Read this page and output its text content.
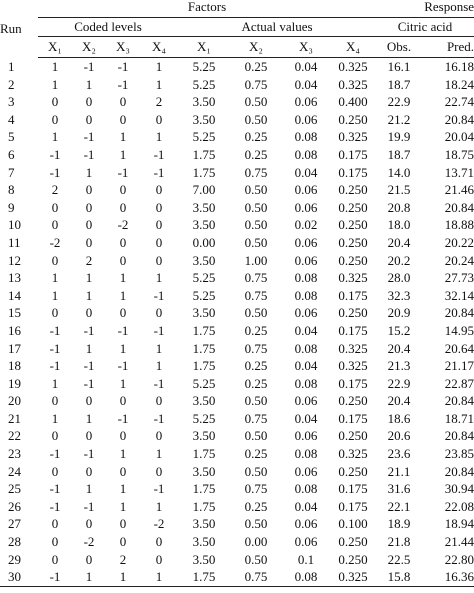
Run	Factors								Response	
	Coded levels				Actual values				Citric acid	
	X₁	X₂	X₃	X₄	X₁	X₂	X₃	X₄	Obs.	Pred.
1	1	-1	-1	1	5.25	0.25	0.04	0.325	16.1	16.18
2	1	1	-1	1	5.25	0.75	0.04	0.325	18.7	18.24
3	0	0	0	2	3.50	0.50	0.06	0.400	22.9	22.74
4	0	0	0	0	3.50	0.50	0.06	0.250	21.2	20.84
5	1	-1	1	1	5.25	0.25	0.08	0.325	19.9	20.04
6	-1	-1	1	-1	1.75	0.25	0.08	0.175	18.7	18.75
7	-1	1	-1	-1	1.75	0.75	0.04	0.175	14.0	13.71
8	2	0	0	0	7.00	0.50	0.06	0.250	21.5	21.46
9	0	0	0	0	3.50	0.50	0.06	0.250	20.8	20.84
10	0	0	-2	0	3.50	0.50	0.02	0.250	18.0	18.88
11	-2	0	0	0	0.00	0.50	0.06	0.250	20.4	20.22
12	0	2	0	0	3.50	1.00	0.06	0.250	20.2	20.24
13	1	1	1	1	5.25	0.75	0.08	0.325	28.0	27.73
14	1	1	1	-1	5.25	0.75	0.08	0.175	32.3	32.14
15	0	0	0	0	3.50	0.50	0.06	0.250	20.9	20.84
16	-1	-1	-1	-1	1.75	0.25	0.04	0.175	15.2	14.95
17	-1	1	1	1	1.75	0.75	0.08	0.325	20.4	20.64
18	-1	-1	-1	1	1.75	0.25	0.04	0.325	21.3	21.17
19	1	-1	1	-1	5.25	0.25	0.08	0.175	22.9	22.87
20	0	0	0	0	3.50	0.50	0.06	0.250	20.4	20.84
21	1	1	-1	-1	5.25	0.75	0.04	0.175	18.6	18.71
22	0	0	0	0	3.50	0.50	0.06	0.250	20.6	20.84
23	-1	-1	1	1	1.75	0.25	0.08	0.325	23.6	23.85
24	0	0	0	0	3.50	0.50	0.06	0.250	21.1	20.84
25	-1	1	1	-1	1.75	0.75	0.08	0.175	31.6	30.94
26	-1	-1	1	1	1.75	0.25	0.04	0.175	22.1	22.08
27	0	0	0	-2	3.50	0.50	0.06	0.100	18.9	18.94
28	0	-2	0	0	3.50	0.00	0.06	0.250	21.8	21.44
29	0	0	2	0	3.50	0.50	0.1	0.250	22.5	22.80
30	-1	1	1	1	1.75	0.75	0.08	0.325	15.8	16.36
